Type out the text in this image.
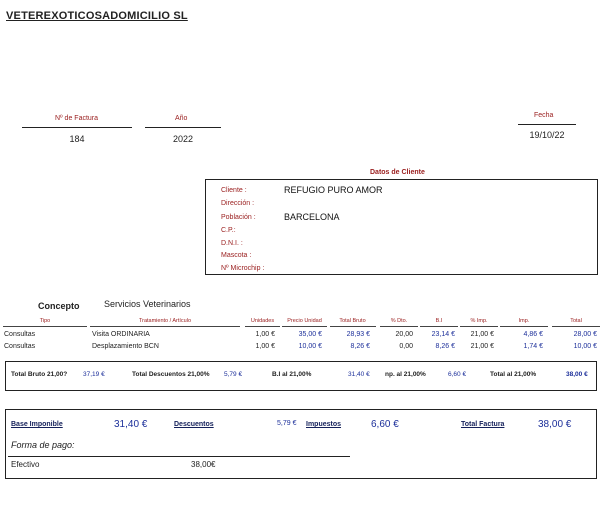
VETEREXOTICOSADOMICILIO SL
Nº de Factura
184
Año
2022
Fecha
19/10/22
Datos de Cliente
Cliente :	REFUGIO PURO AMOR
Dirección :
Población :	BARCELONA
C.P.:
D.N.I. :
Mascota :
Nº Microchip :
Concepto	Servicios Veterinarios
Tipo	Tratamiento / Artículo	Unidades	Precio Unidad	Total Bruto	% Dto.	B.I	% Imp.	Imp.	Total
Consultas	Visita ORDINARIA	1,00 €	35,00 €	28,93 €	20,00	23,14 €	21,00 €	4,86 €	28,00 €
Consultas	Desplazamiento BCN	1,00 €	10,00 €	8,26 €	0,00	8,26 €	21,00 €	1,74 €	10,00 €
Total Bruto 21,00? 37,19 €	Total Descuentos 21,00% 5,79 €	B.I al 21,00%	31,40 € np. al 21,00%	6,60 €	Total al 21,00%	38,00 €
Base Imponible	31,40 €	Descuentos	5,79 € Impuestos	6,60 €	Total Factura	38,00 €
Forma de pago:
Efectivo	38,00€
